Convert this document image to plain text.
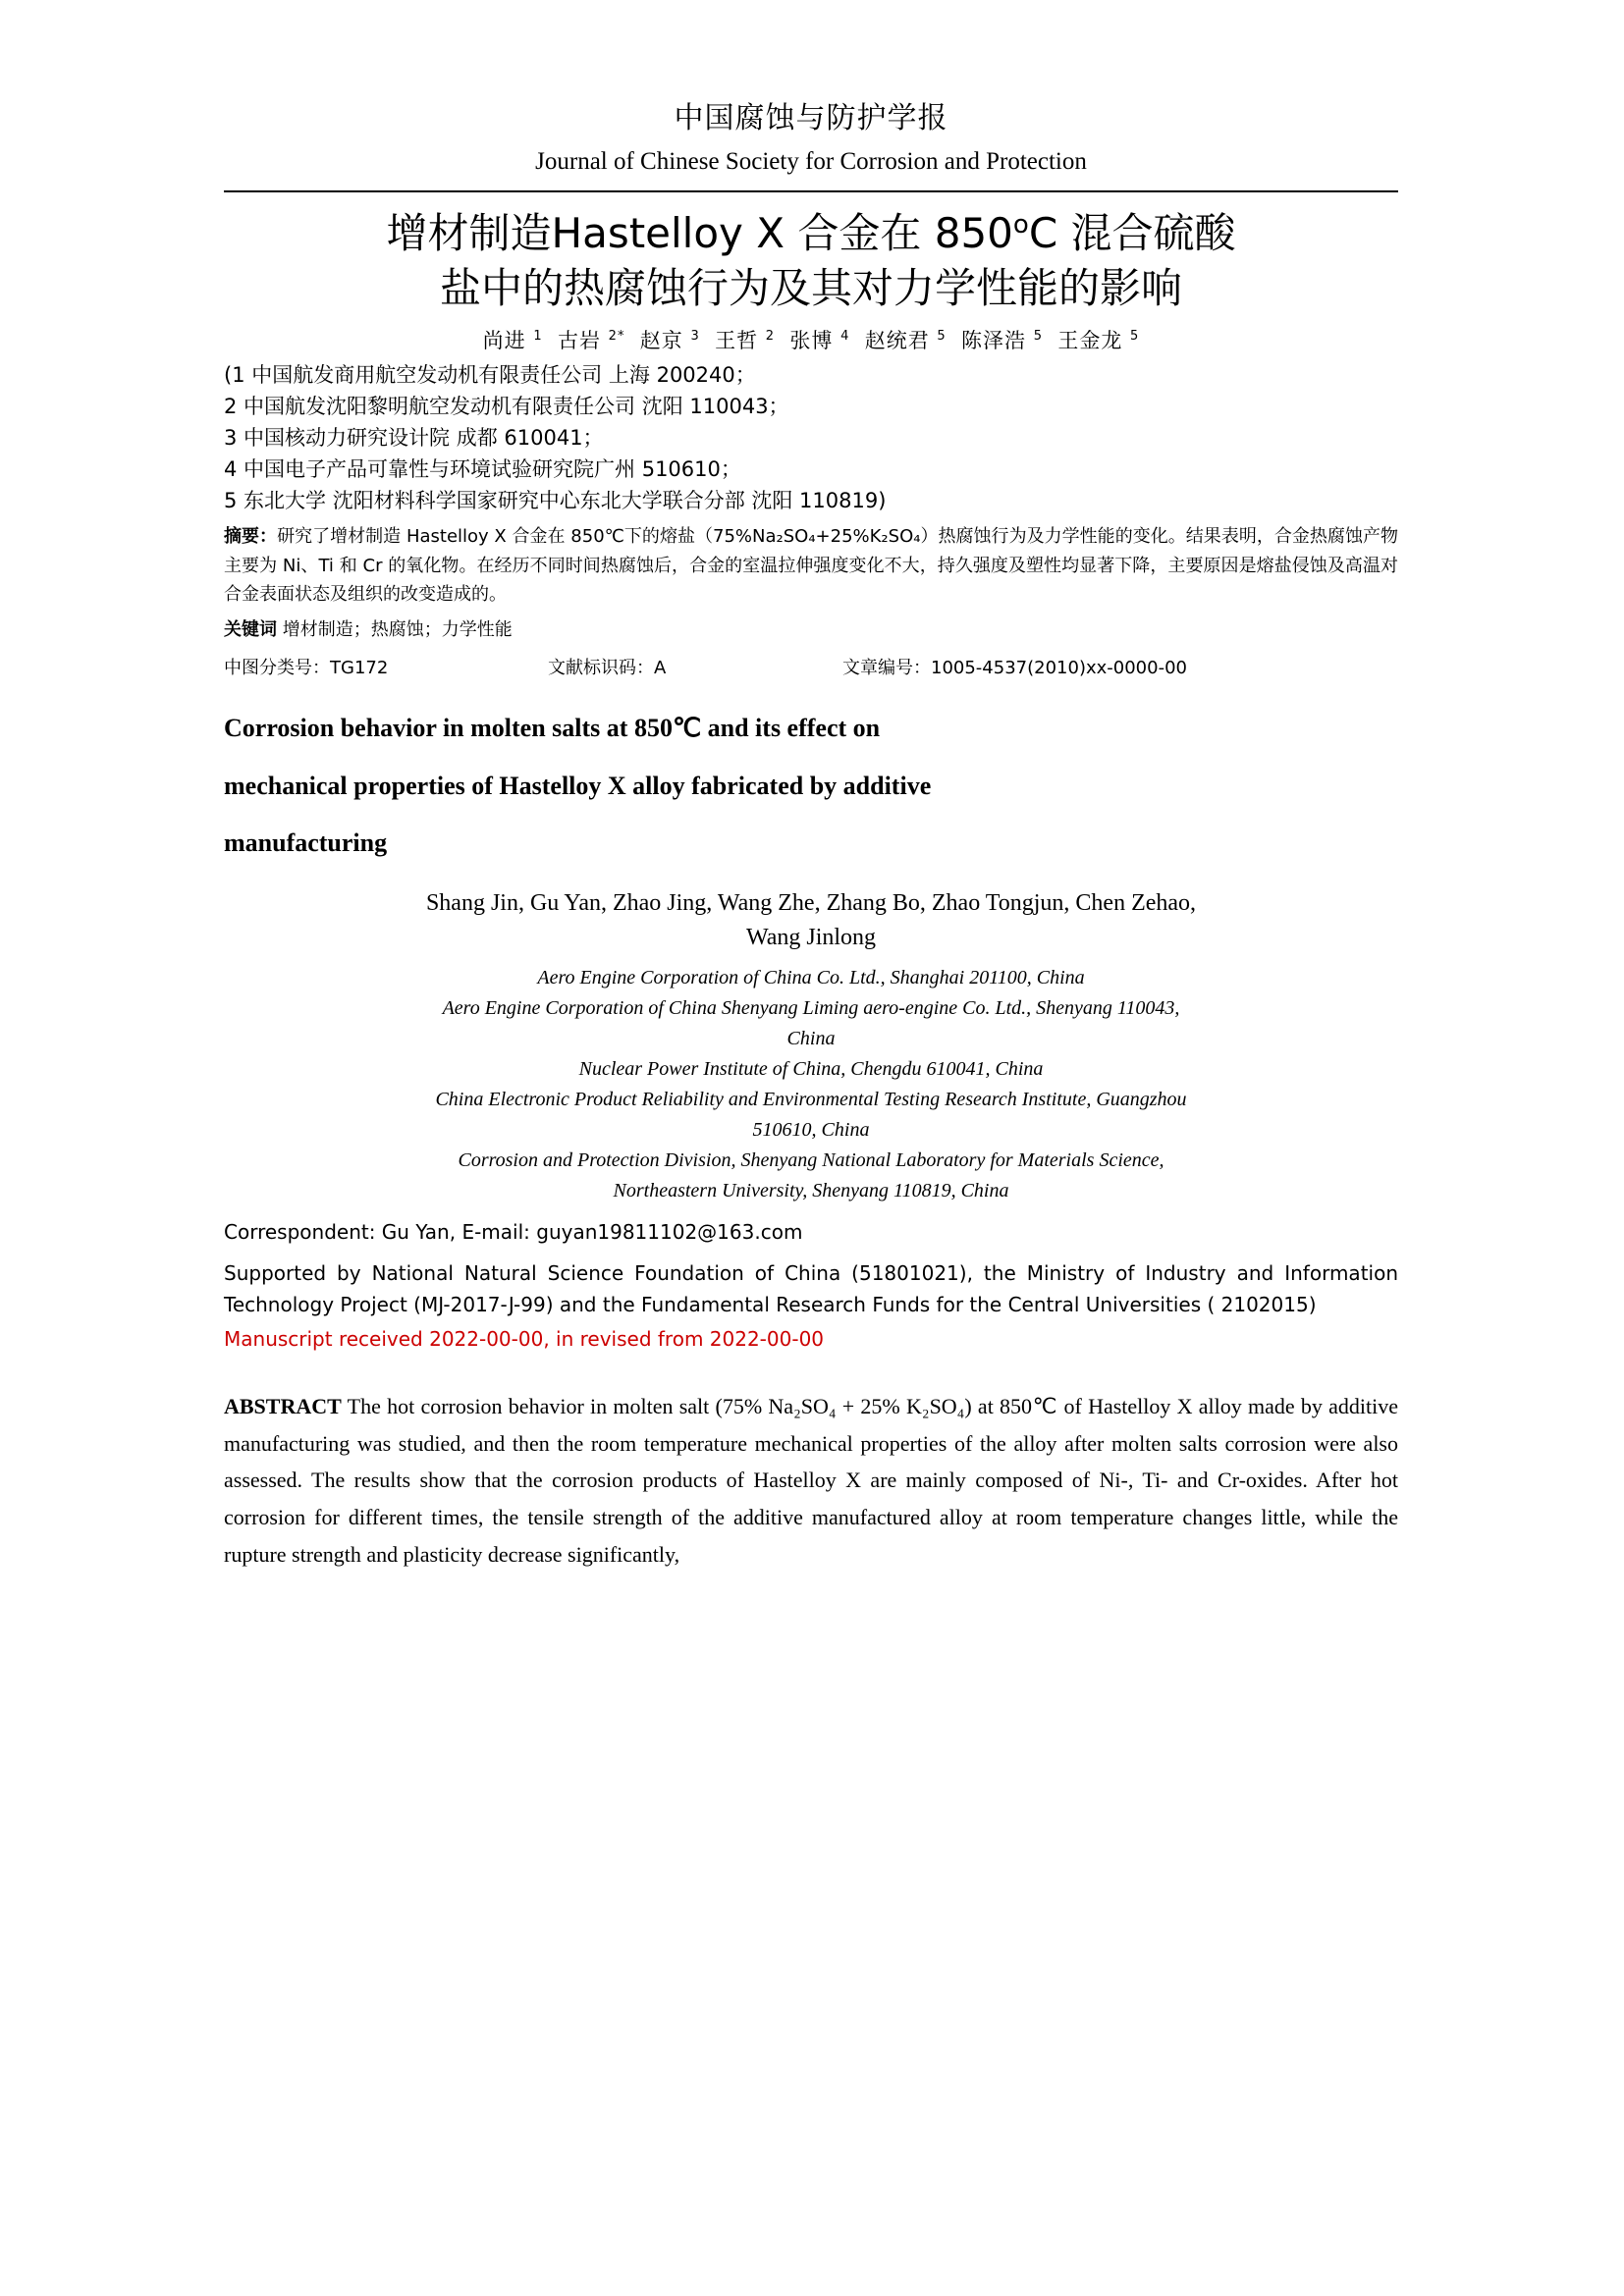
中国腐蚀与防护学报
Journal of Chinese Society for Corrosion and Protection
增材制造Hastelloy X 合金在 850$^o$C 混合硫酸
盐中的热腐蚀行为及其对力学性能的影响
尚进 $^1$  古岩 $^{2*}$  赵京 $^3$  王哲 $^2$  张博 $^4$  赵统君 $^5$  陈泽浩 $^5$  王金龙 $^5$
(1 中国航发商用航空发动机有限责任公司 上海 200240；
2 中国航发沈阳黎明航空发动机有限责任公司 沈阳 110043；
3 中国核动力研究设计院 成都 610041；
4 中国电子产品可靠性与环境试验研究院广州 510610；
5 东北大学 沈阳材料科学国家研究中心东北大学联合分部 沈阳 110819)
摘要：研究了增材制造 Hastelloy X 合金在 850℃下的熔盐（75%Na₂SO₄+25%K₂SO₄）热腐蚀行为及力学性能的变化。结果表明，合金热腐蚀产物主要为 Ni、Ti 和 Cr 的氧化物。在经历不同时间热腐蚀后，合金的室温拉伸强度变化不大，持久强度及塑性均显著下降，主要原因是熔盐侵蚀及高温对合金表面状态及组织的改变造成的。
关键词 增材制造；热腐蚀；力学性能
中图分类号：TG172	文献标识码：A	文章编号：1005-4537(2010)xx-0000-00
Corrosion behavior in molten salts at 850℃ and its effect on
mechanical properties of Hastelloy X alloy fabricated by additive
manufacturing
Shang Jin, Gu Yan, Zhao Jing, Wang Zhe, Zhang Bo, Zhao Tongjun, Chen Zehao,
Wang Jinlong
Aero Engine Corporation of China Co. Ltd., Shanghai 201100, China
Aero Engine Corporation of China Shenyang Liming aero-engine Co. Ltd., Shenyang 110043,
China
Nuclear Power Institute of China, Chengdu 610041, China
China Electronic Product Reliability and Environmental Testing Research Institute, Guangzhou
510610, China
Corrosion and Protection Division, Shenyang National Laboratory for Materials Science,
Northeastern University, Shenyang 110819, China
Correspondent: Gu Yan, E-mail: guyan19811102@163.com
Supported by National Natural Science Foundation of China (51801021), the Ministry of Industry and Information Technology Project (MJ-2017-J-99) and the Fundamental Research Funds for the Central Universities ( 2102015)
Manuscript received 2022-00-00, in revised from 2022-00-00
ABSTRACT The hot corrosion behavior in molten salt (75% Na₂SO₄ + 25% K₂SO₄) at 850℃ of Hastelloy X alloy made by additive manufacturing was studied, and then the room temperature mechanical properties of the alloy after molten salts corrosion were also assessed. The results show that the corrosion products of Hastelloy X are mainly composed of Ni-, Ti- and Cr-oxides. After hot corrosion for different times, the tensile strength of the additive manufactured alloy at room temperature changes little, while the rupture strength and plasticity decrease significantly,
